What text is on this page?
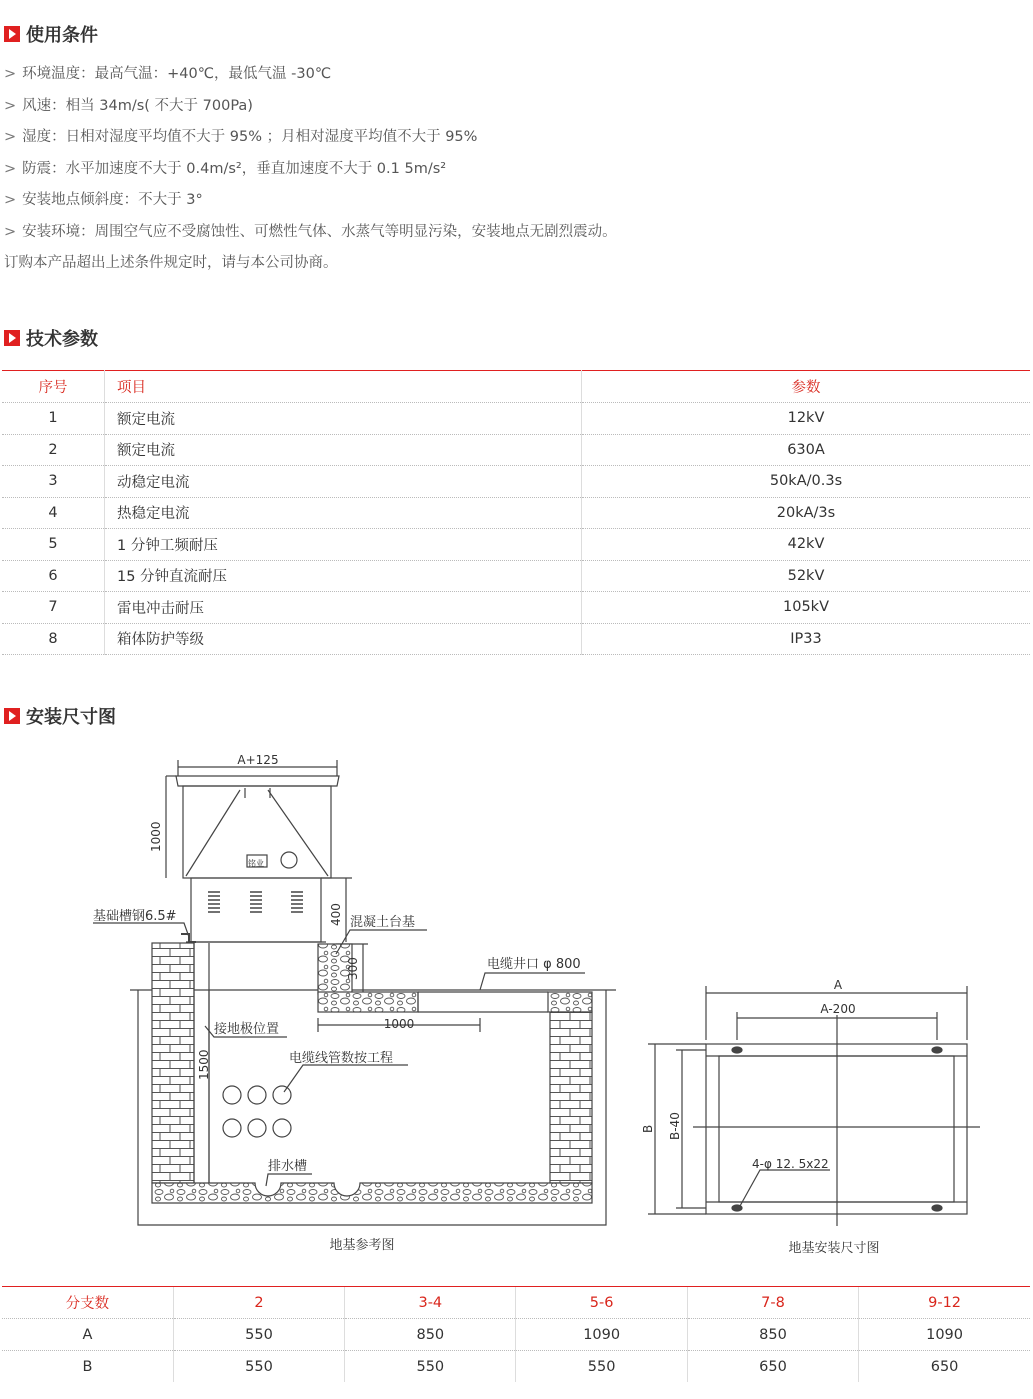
使用条件
> 环境温度：最高气温：+40℃，最低气温 -30℃
> 风速：相当 34m/s( 不大于 700Pa)
> 湿度：日相对湿度平均值不大于 95% ；月相对湿度平均值不大于 95%
> 防震：水平加速度不大于 0.4m/s²，垂直加速度不大于 0.1 5m/s²
> 安装地点倾斜度：不大于 3°
> 安装环境：周围空气应不受腐蚀性、可燃性气体、水蒸气等明显污染，安装地点无剧烈震动。
订购本产品超出上述条件规定时，请与本公司协商。
技术参数
序号	项目	参数
1	额定电流	12kV
2	额定电流	630A
3	动稳定电流	50kA/0.3s
4	热稳定电流	20kA/3s
5	1 分钟工频耐压	42kV
6	15 分钟直流耐压	52kV
7	雷电冲击耐压	105kV
8	箱体防护等级	IP33
安装尺寸图
A+125
1000
400
300
1000
1500
铭业
基础槽钢6.5#	混凝土台基
电缆井口 φ 800
接地极位置
电缆线管数按工程
排水槽
地基参考图
A
A-200
B B-40
4-φ 12. 5x22
地基安装尺寸图
分支数	2	3-4	5-6	7-8	9-12
A	550	850	1090	850	1090
B	550	550	550	650	650
